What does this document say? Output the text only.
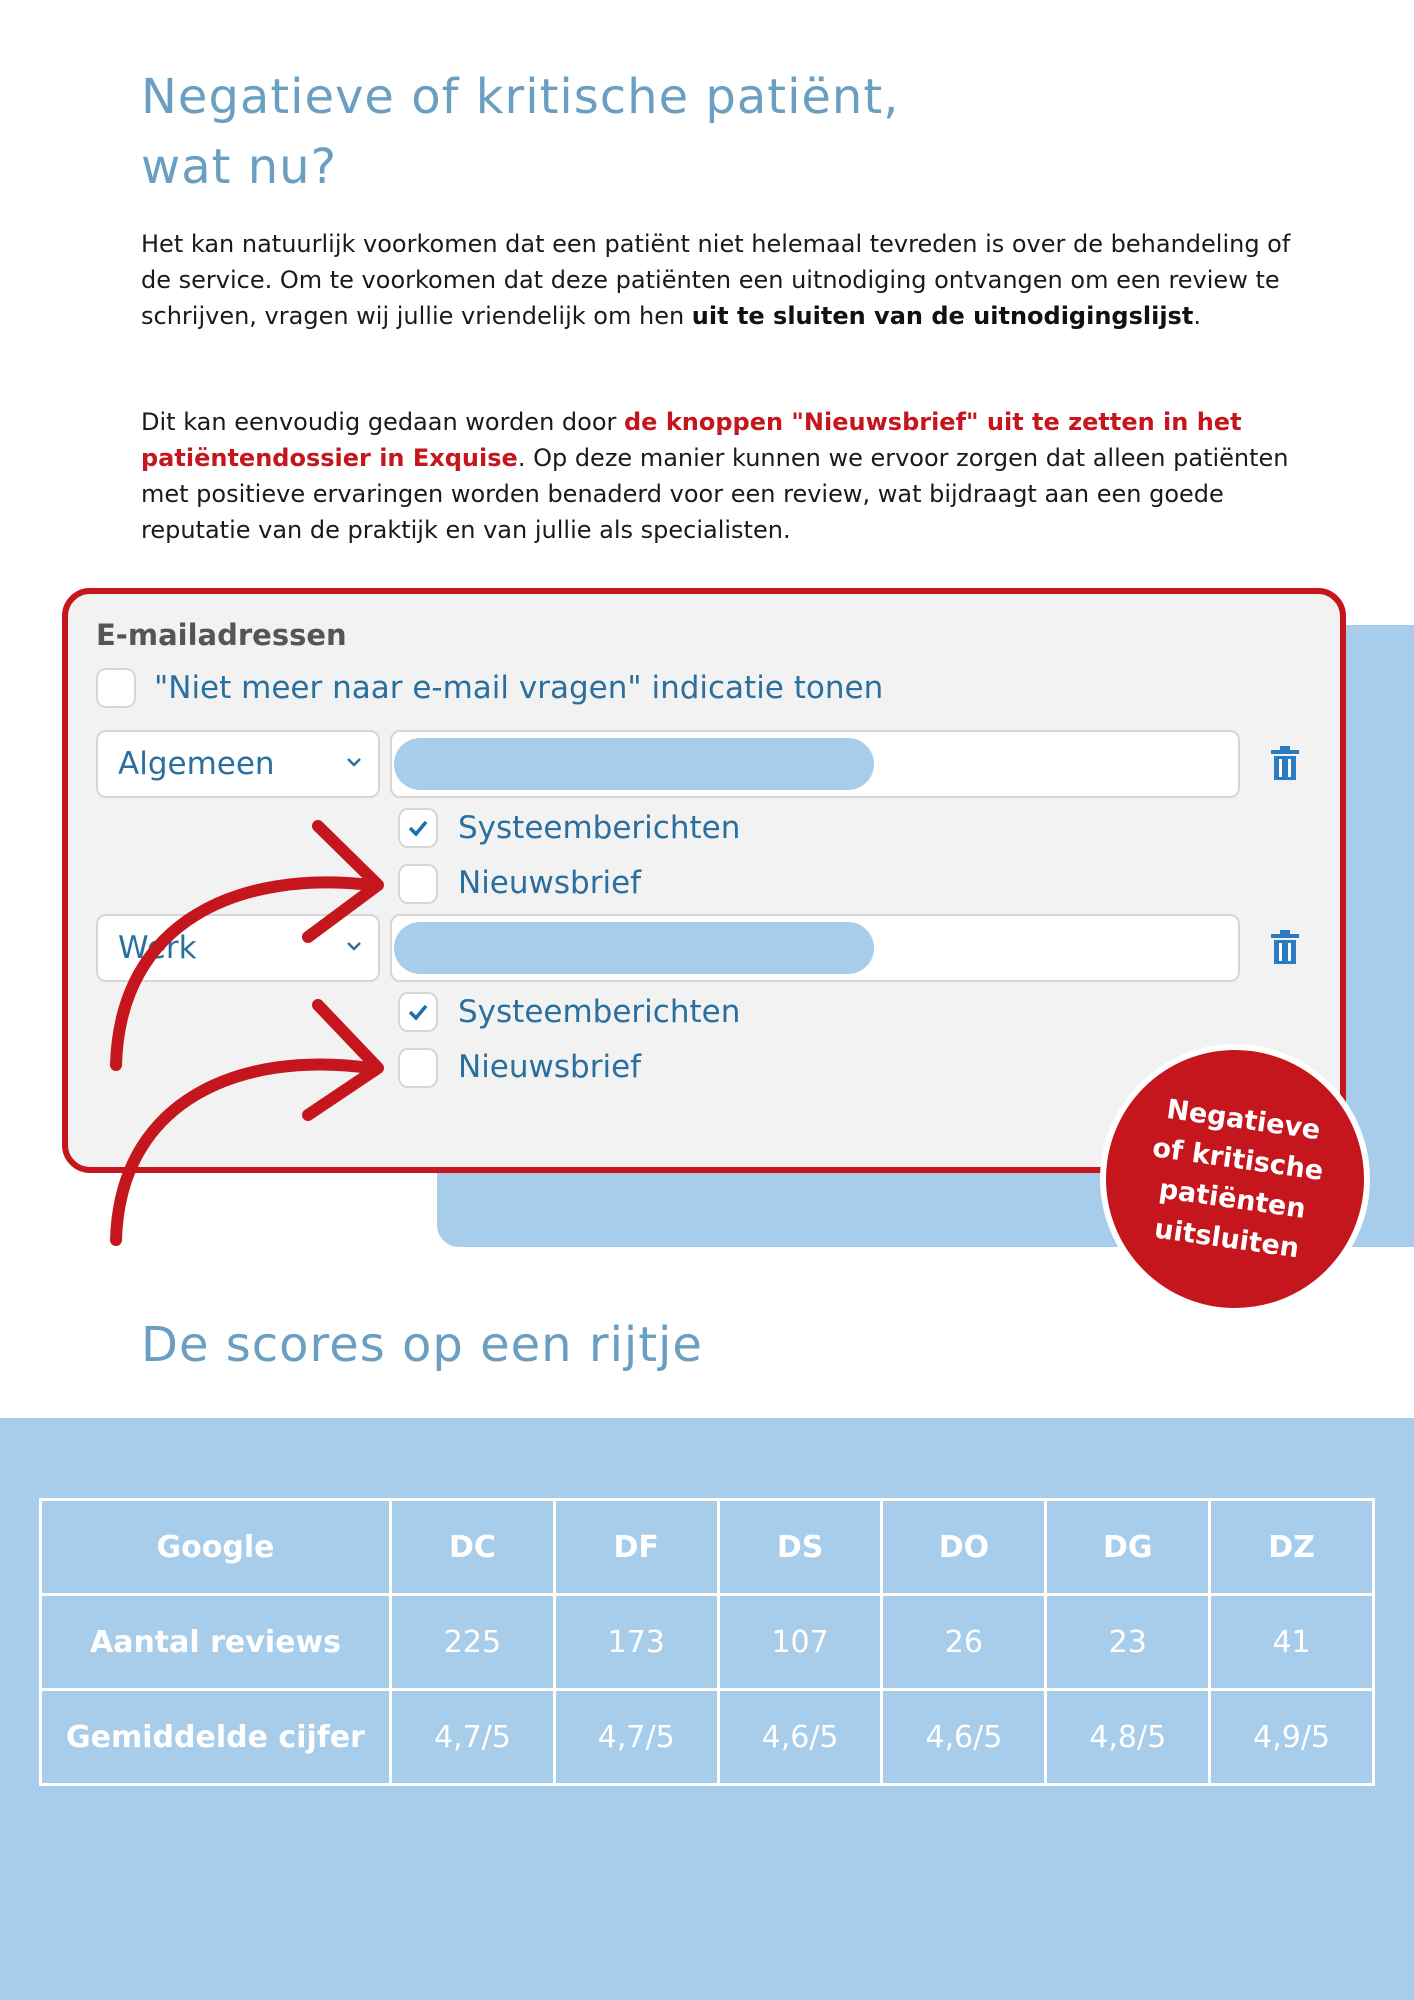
Negatieve of kritische patiënt,
wat nu?

Het kan natuurlijk voorkomen dat een patiënt niet helemaal tevreden is over de behandeling of de service. Om te voorkomen dat deze patiënten een uitnodiging ontvangen om een review te schrijven, vragen wij jullie vriendelijk om hen uit te sluiten van de uitnodigingslijst.

Dit kan eenvoudig gedaan worden door de knoppen "Nieuwsbrief" uit te zetten in het patiëntendossier in Exquise. Op deze manier kunnen we ervoor zorgen dat alleen patiënten met positieve ervaringen worden benaderd voor een review, wat bijdraagt aan een goede reputatie van de praktijk en van jullie als specialisten.

E-mailadressen
"Niet meer naar e-mail vragen" indicatie tonen
Algemeen
Systeemberichten
Nieuwsbrief
Werk
Systeemberichten
Nieuwsbrief
Negatieve
of kritische
patiënten
uitsluiten
De scores op een rijtje
Google	DC	DF	DS	DO	DG	DZ
Aantal reviews	225	173	107	26	23	41
Gemiddelde cijfer	4,7/5	4,7/5	4,6/5	4,6/5	4,8/5	4,9/5
